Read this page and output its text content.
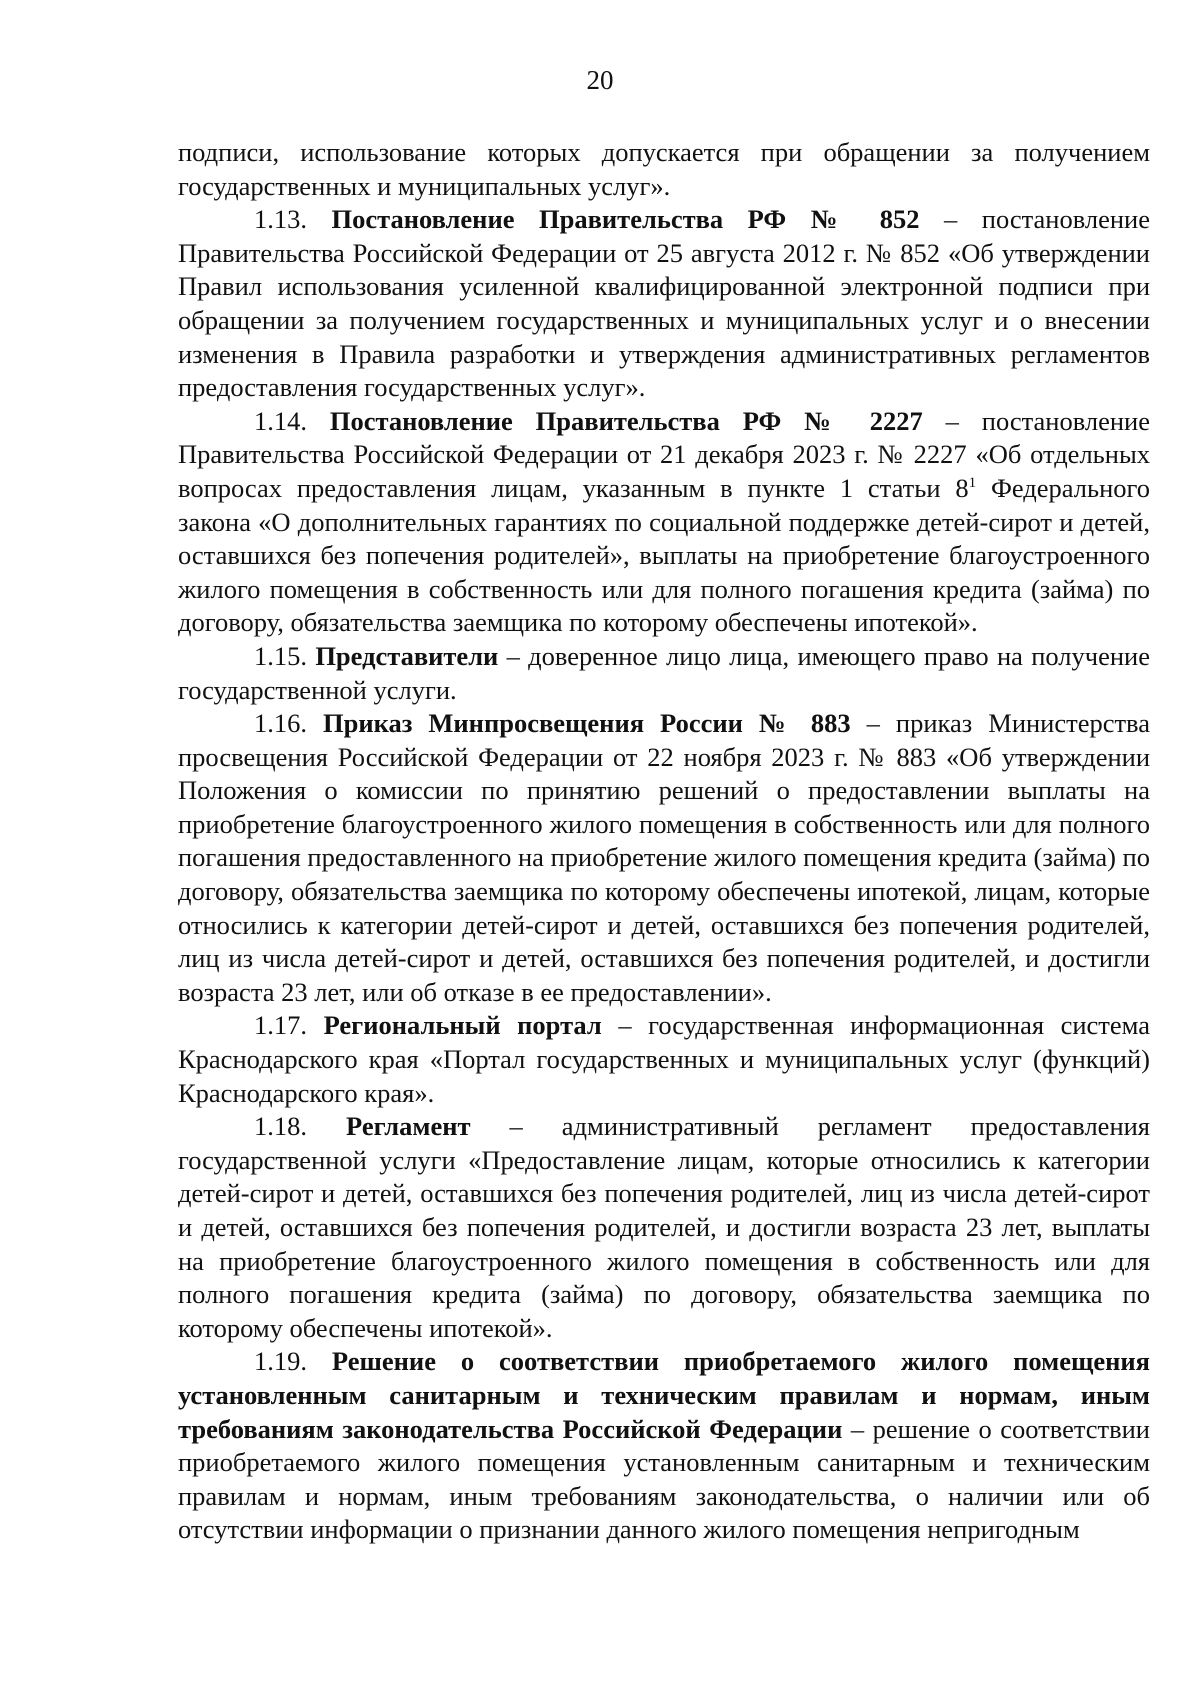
20

подписи, использование которых допускается при обращении за получением государственных и муниципальных услуг».

1.13. Постановление Правительства РФ № 852 – постановление Правительства Российской Федерации от 25 августа 2012 г. № 852 «Об утверждении Правил использования усиленной квалифицированной электронной подписи при обращении за получением государственных и муниципальных услуг и о внесении изменения в Правила разработки и утверждения административных регламентов предоставления государственных услуг».

1.14. Постановление Правительства РФ № 2227 – постановление Правительства Российской Федерации от 21 декабря 2023 г. № 2227 «Об отдельных вопросах предоставления лицам, указанным в пункте 1 статьи $8^1$ Федерального закона «О дополнительных гарантиях по социальной поддержке детей-сирот и детей, оставшихся без попечения родителей», выплаты на приобретение благоустроенного жилого помещения в собственность или для полного погашения кредита (займа) по договору, обязательства заемщика по которому обеспечены ипотекой».

1.15. Представители – доверенное лицо лица, имеющего право на получение государственной услуги.

1.16. Приказ Минпросвещения России № 883 – приказ Министерства просвещения Российской Федерации от 22 ноября 2023 г. № 883 «Об утверждении Положения о комиссии по принятию решений о предоставлении выплаты на приобретение благоустроенного жилого помещения в собственность или для полного погашения предоставленного на приобретение жилого помещения кредита (займа) по договору, обязательства заемщика по которому обеспечены ипотекой, лицам, которые относились к категории детей-сирот и детей, оставшихся без попечения родителей, лиц из числа детей-сирот и детей, оставшихся без попечения родителей, и достигли возраста 23 лет, или об отказе в ее предоставлении».

1.17. Региональный портал – государственная информационная система Краснодарского края «Портал государственных и муниципальных услуг (функций) Краснодарского края».

1.18. Регламент – административный регламент предоставления государственной услуги «Предоставление лицам, которые относились к категории детей-сирот и детей, оставшихся без попечения родителей, лиц из числа детей-сирот и детей, оставшихся без попечения родителей, и достигли возраста 23 лет, выплаты на приобретение благоустроенного жилого помещения в собственность или для полного погашения кредита (займа) по договору, обязательства заемщика по которому обеспечены ипотекой».

1.19. Решение о соответствии приобретаемого жилого помещения установленным санитарным и техническим правилам и нормам, иным требованиям законодательства Российской Федерации – решение о соответствии приобретаемого жилого помещения установленным санитарным и техническим правилам и нормам, иным требованиям законодательства, о наличии или об отсутствии информации о признании данного жилого помещения непригодным
